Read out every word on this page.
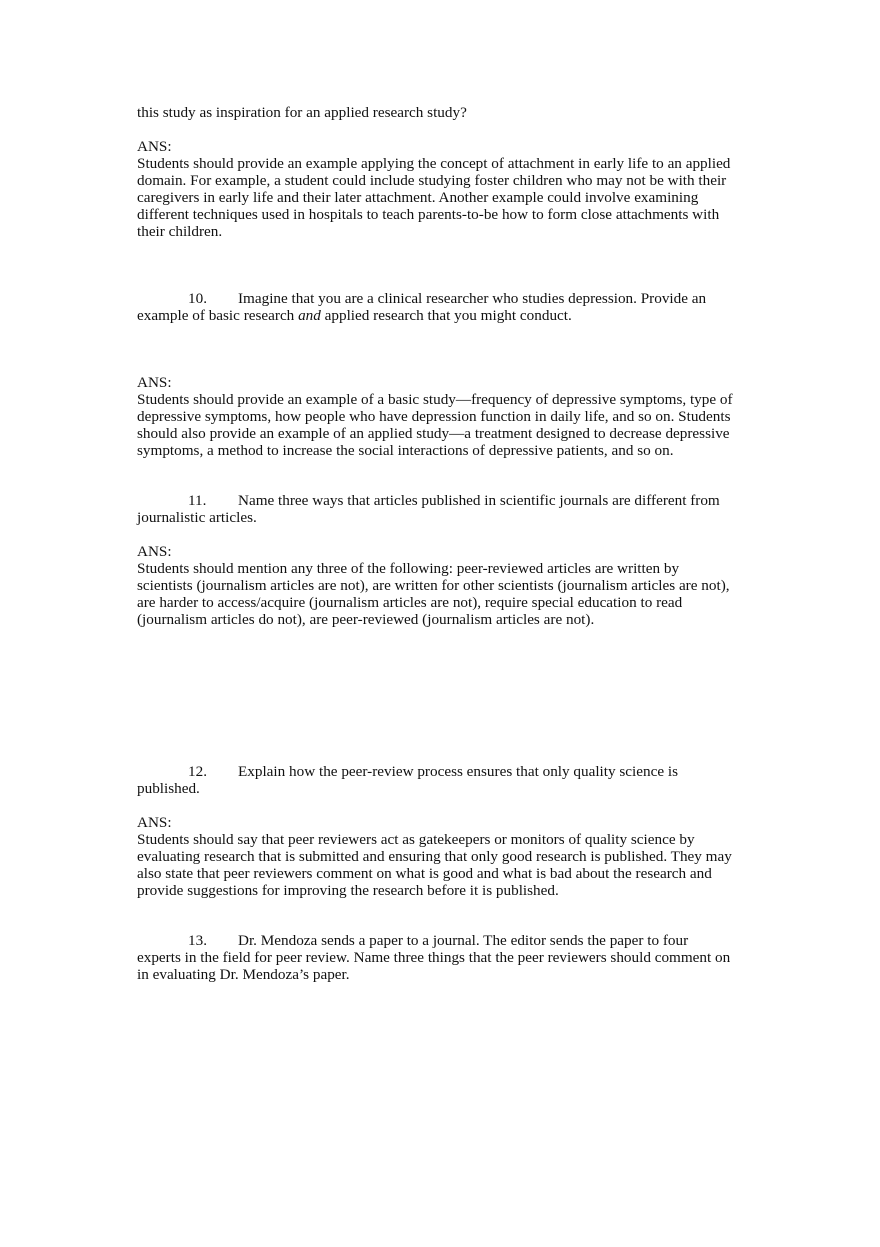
this study as inspiration for an applied research study?
ANS:
Students should provide an example applying the concept of attachment in early life to an applied
domain. For example, a student could include studying foster children who may not be with their
caregivers in early life and their later attachment. Another example could involve examining
different techniques used in hospitals to teach parents-to-be how to form close attachments with
their children.
10. Imagine that you are a clinical researcher who studies depression. Provide an
example of basic research and applied research that you might conduct.
ANS:
Students should provide an example of a basic study—frequency of depressive symptoms, type of
depressive symptoms, how people who have depression function in daily life, and so on. Students
should also provide an example of an applied study—a treatment designed to decrease depressive
symptoms, a method to increase the social interactions of depressive patients, and so on.
11. Name three ways that articles published in scientific journals are different from
journalistic articles.
ANS:
Students should mention any three of the following: peer-reviewed articles are written by
scientists (journalism articles are not), are written for other scientists (journalism articles are not),
are harder to access/acquire (journalism articles are not), require special education to read
(journalism articles do not), are peer-reviewed (journalism articles are not).
12. Explain how the peer-review process ensures that only quality science is
published.
ANS:
Students should say that peer reviewers act as gatekeepers or monitors of quality science by
evaluating research that is submitted and ensuring that only good research is published. They may
also state that peer reviewers comment on what is good and what is bad about the research and
provide suggestions for improving the research before it is published.
13. Dr. Mendoza sends a paper to a journal. The editor sends the paper to four
experts in the field for peer review. Name three things that the peer reviewers should comment on
in evaluating Dr. Mendoza’s paper.
